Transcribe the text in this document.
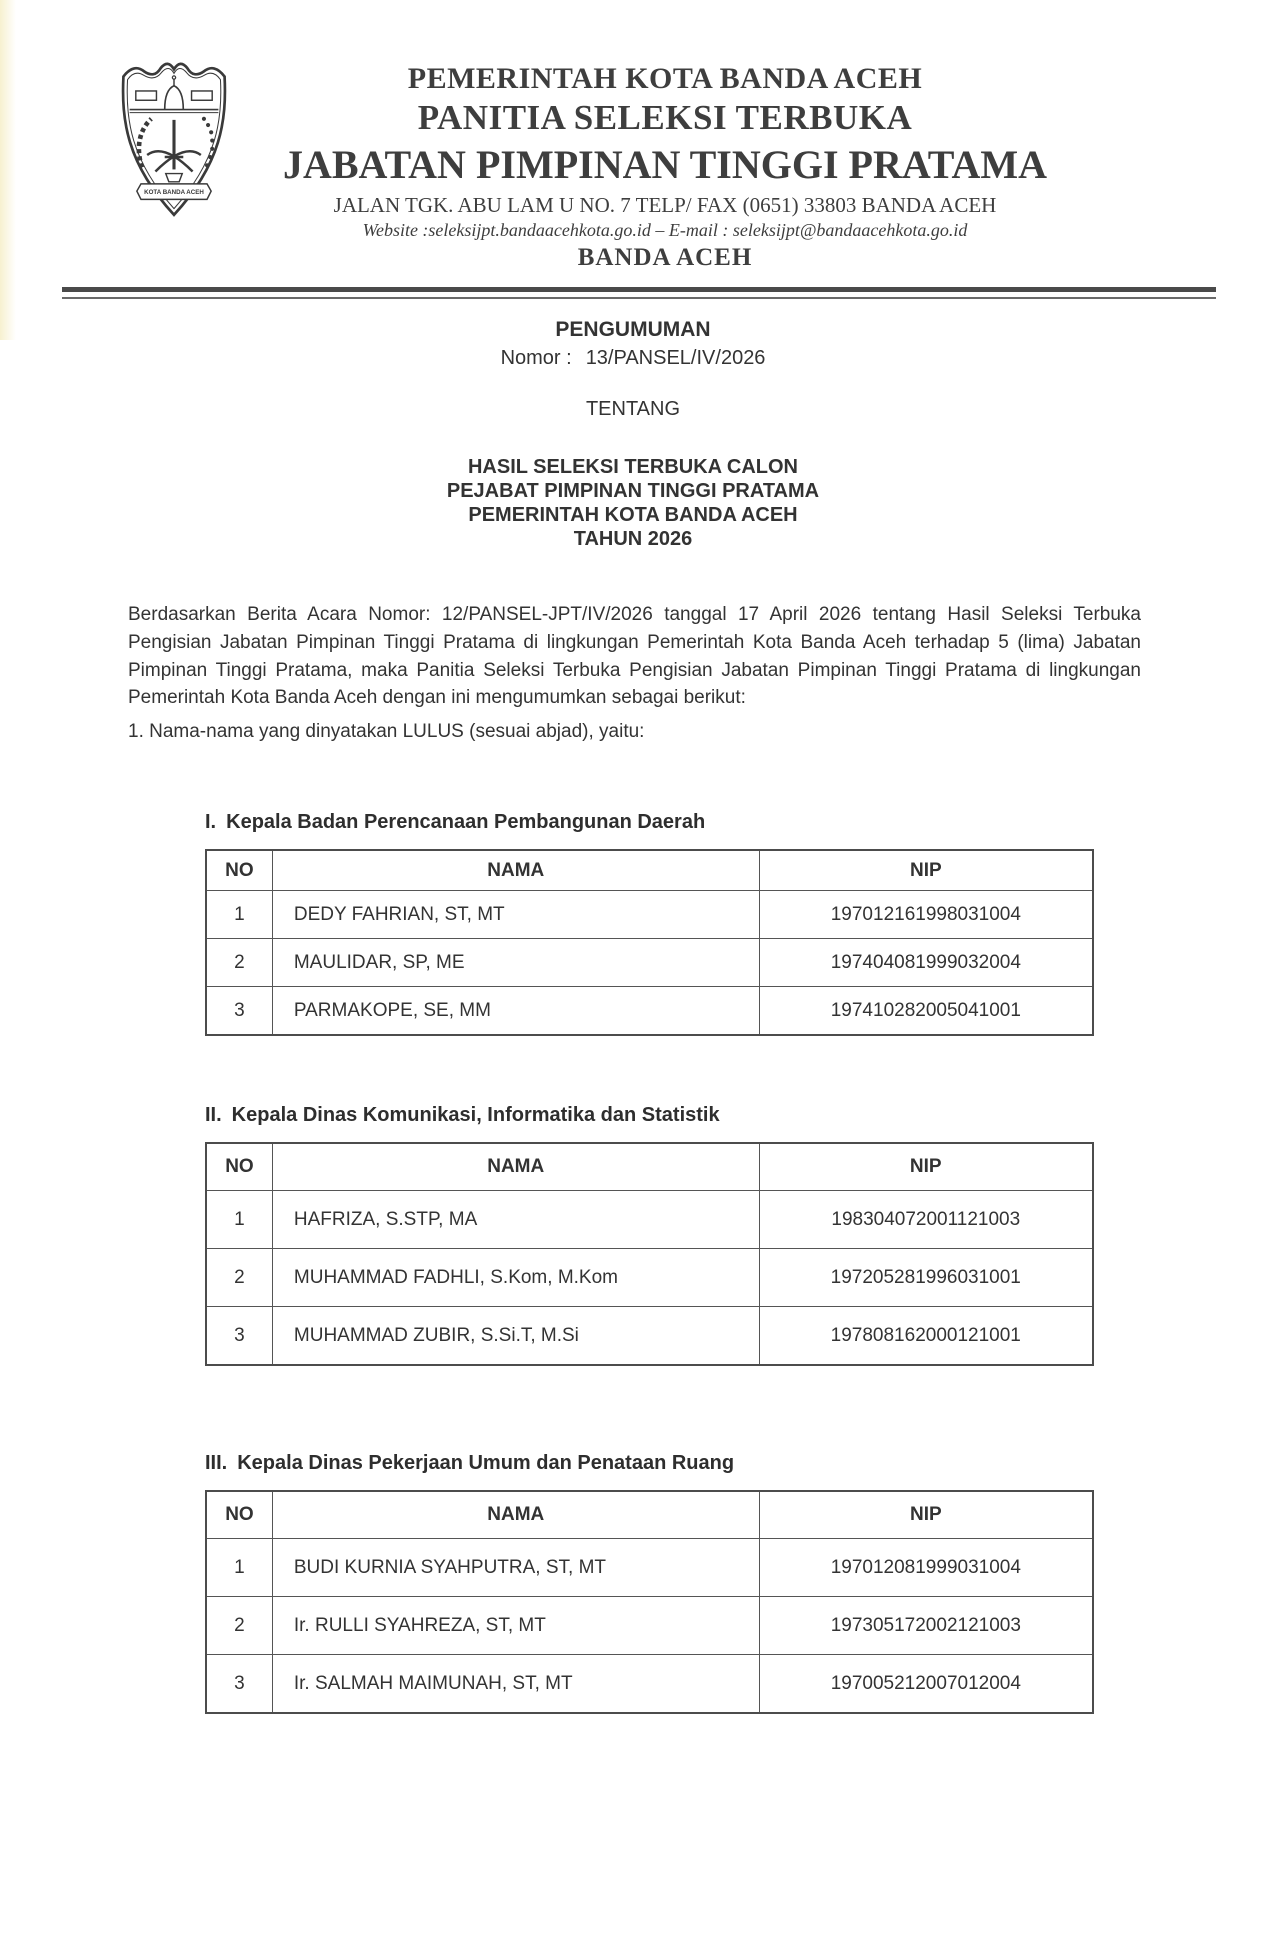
KOTA BANDA ACEH
PEMERINTAH KOTA BANDA ACEH
PANITIA SELEKSI TERBUKA
JABATAN PIMPINAN TINGGI PRATAMA
JALAN TGK. ABU LAM U NO. 7 TELP/ FAX (0651) 33803 BANDA ACEH
Website :seleksijpt.bandaacehkota.go.id – E-mail : seleksijpt@bandaacehkota.go.id
BANDA ACEH
PENGUMUMAN
Nomor : 13/PANSEL/IV/2026
TENTANG
HASIL SELEKSI TERBUKA CALON
PEJABAT PIMPINAN TINGGI PRATAMA
PEMERINTAH KOTA BANDA ACEH
TAHUN 2026
Berdasarkan Berita Acara Nomor: 12/PANSEL-JPT/IV/2026 tanggal 17 April 2026 tentang Hasil Seleksi Terbuka Pengisian Jabatan Pimpinan Tinggi Pratama di lingkungan Pemerintah Kota Banda Aceh terhadap 5 (lima) Jabatan Pimpinan Tinggi Pratama, maka Panitia Seleksi Terbuka Pengisian Jabatan Pimpinan Tinggi Pratama di lingkungan Pemerintah Kota Banda Aceh dengan ini mengumumkan sebagai berikut:
1. Nama-nama yang dinyatakan LULUS (sesuai abjad), yaitu:
I. Kepala Badan Perencanaan Pembangunan Daerah
NO	NAMA	NIP
1	DEDY FAHRIAN, ST, MT	197012161998031004
2	MAULIDAR, SP, ME	197404081999032004
3	PARMAKOPE, SE, MM	197410282005041001
II. Kepala Dinas Komunikasi, Informatika dan Statistik
NO	NAMA	NIP
1	HAFRIZA, S.STP, MA	198304072001121003
2	MUHAMMAD FADHLI, S.Kom, M.Kom	197205281996031001
3	MUHAMMAD ZUBIR, S.Si.T, M.Si	197808162000121001
III. Kepala Dinas Pekerjaan Umum dan Penataan Ruang
NO	NAMA	NIP
1	BUDI KURNIA SYAHPUTRA, ST, MT	197012081999031004
2	Ir. RULLI SYAHREZA, ST, MT	197305172002121003
3	Ir. SALMAH MAIMUNAH, ST, MT	197005212007012004
